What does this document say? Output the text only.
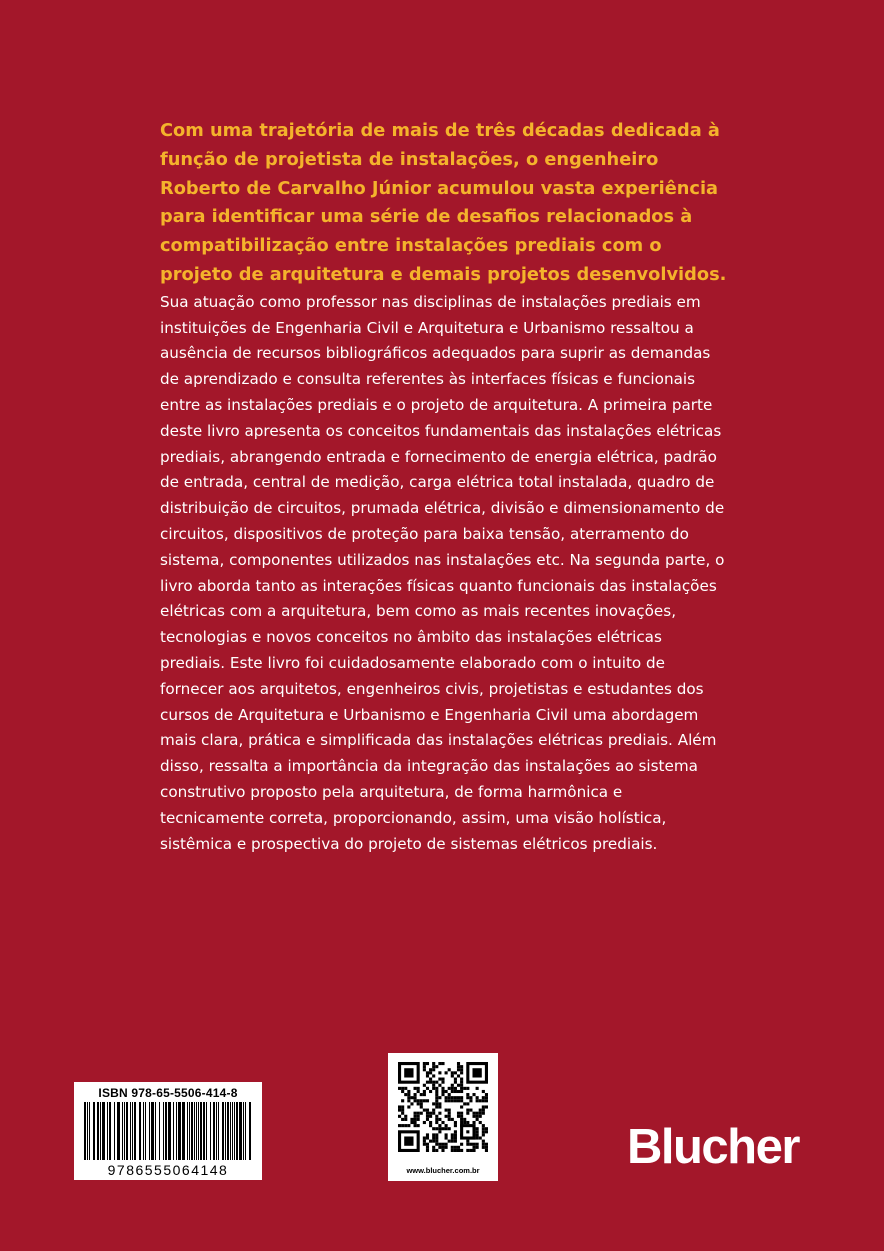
Com uma trajetória de mais de três décadas dedicada à função de projetista de instalações, o engenheiro Roberto de Carvalho Júnior acumulou vasta experiência para identificar uma série de desafios relacionados à compatibilização entre instalações prediais com o projeto de arquitetura e demais projetos desenvolvidos. Sua atuação como professor nas disciplinas de instalações prediais em instituições de Engenharia Civil e Arquitetura e Urbanismo ressaltou a ausência de recursos bibliográficos adequados para suprir as demandas de aprendizado e consulta referentes às interfaces físicas e funcionais entre as instalações prediais e o projeto de arquitetura. A primeira parte deste livro apresenta os conceitos fundamentais das instalações elétricas prediais, abrangendo entrada e fornecimento de energia elétrica, padrão de entrada, central de medição, carga elétrica total instalada, quadro de distribuição de circuitos, prumada elétrica, divisão e dimensionamento de circuitos, dispositivos de proteção para baixa tensão, aterramento do sistema, componentes utilizados nas instalações etc. Na segunda parte, o livro aborda tanto as interações físicas quanto funcionais das instalações elétricas com a arquitetura, bem como as mais recentes inovações, tecnologias e novos conceitos no âmbito das instalações elétricas prediais. Este livro foi cuidadosamente elaborado com o intuito de fornecer aos arquitetos, engenheiros civis, projetistas e estudantes dos cursos de Arquitetura e Urbanismo e Engenharia Civil uma abordagem mais clara, prática e simplificada das instalações elétricas prediais. Além disso, ressalta a importância da integração das instalações ao sistema construtivo proposto pela arquitetura, de forma harmônica e tecnicamente correta, proporcionando, assim, uma visão holística, sistêmica e prospectiva do projeto de sistemas elétricos prediais.

ISBN 978-65-5506-414-8
9786555064148	www.blucher.com.br	Blucher
